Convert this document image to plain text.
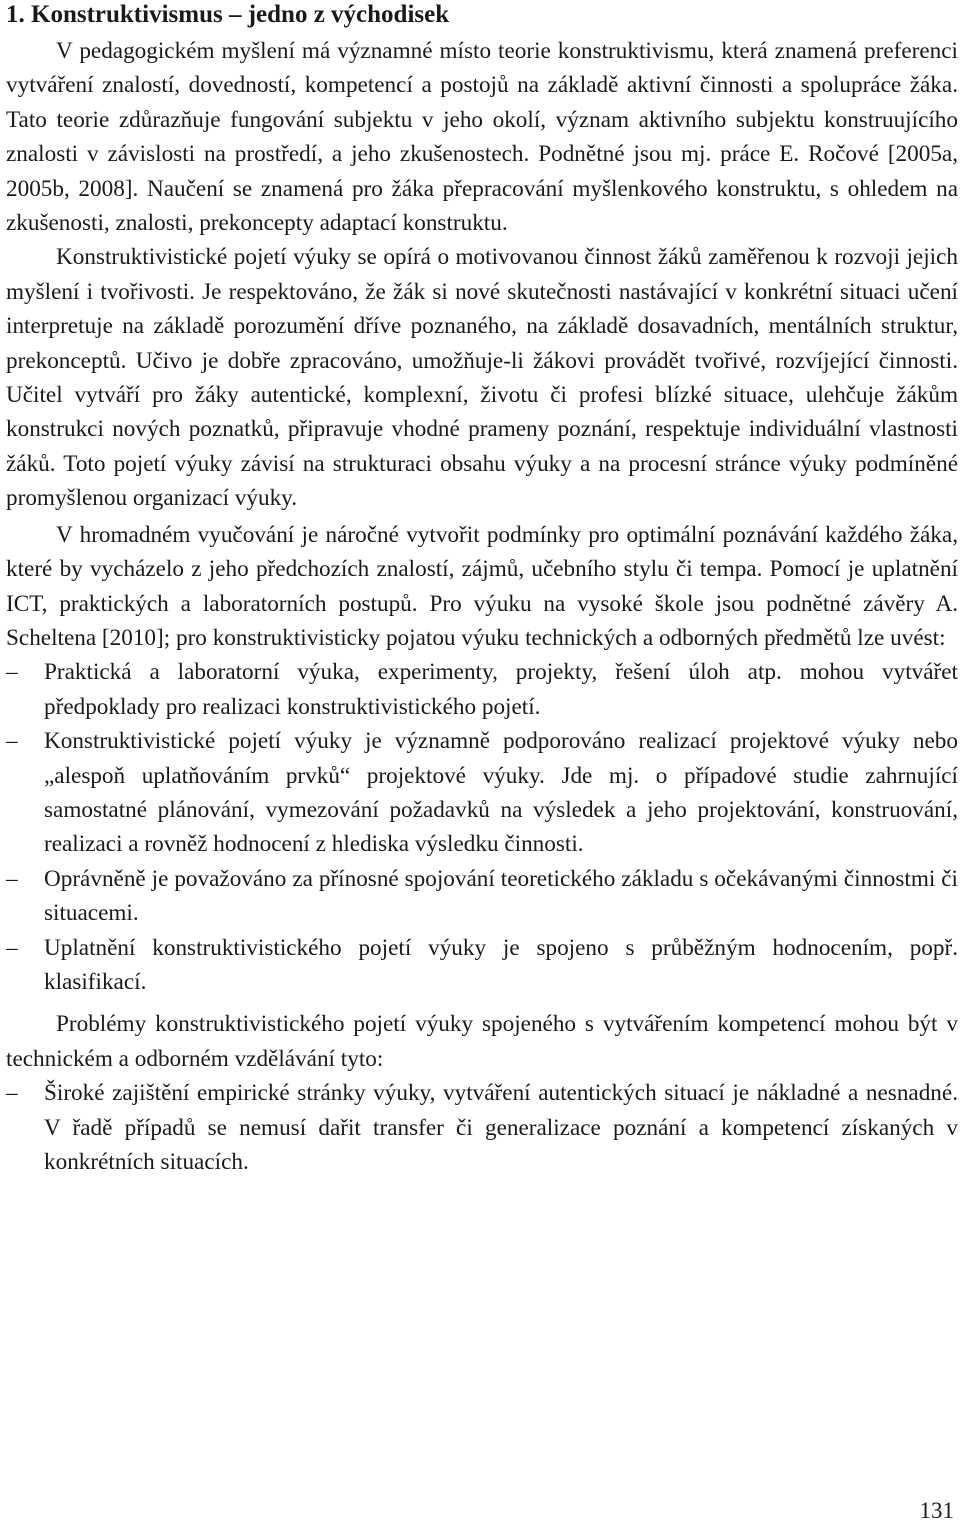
1. Konstruktivismus – jedno z východisek

V pedagogickém myšlení má významné místo teorie konstruktivismu, která znamená preferenci vytváření znalostí, dovedností, kompetencí a postojů na základě aktivní činnosti a spolupráce žáka. Tato teorie zdůrazňuje fungování subjektu v jeho okolí, význam aktivního subjektu konstruujícího znalosti v závislosti na prostředí, a jeho zkušenostech. Podnětné jsou mj. práce E. Ročové [2005a, 2005b, 2008]. Naučení se znamená pro žáka přepracování myšlenkového konstruktu, s ohledem na zkušenosti, znalosti, prekoncepty adaptací konstruktu.

Konstruktivistické pojetí výuky se opírá o motivovanou činnost žáků zaměřenou k rozvoji jejich myšlení i tvořivosti. Je respektováno, že žák si nové skutečnosti nastávající v konkrétní situaci učení interpretuje na základě porozumění dříve poznaného, na základě dosavadních, mentálních struktur, prekonceptů. Učivo je dobře zpracováno, umožňuje-li žákovi provádět tvořivé, rozvíjející činnosti. Učitel vytváří pro žáky autentické, komplexní, životu či profesi blízké situace, ulehčuje žákům konstrukci nových poznatků, připravuje vhodné prameny poznání, respektuje individuální vlastnosti žáků. Toto pojetí výuky závisí na strukturaci obsahu výuky a na procesní stránce výuky podmíněné promyšlenou organizací výuky.

V hromadném vyučování je náročné vytvořit podmínky pro optimální poznávání každého žáka, které by vycházelo z jeho předchozích znalostí, zájmů, učebního stylu či tempa. Pomocí je uplatnění ICT, praktických a laboratorních postupů. Pro výuku na vysoké škole jsou podnětné závěry A. Scheltena [2010]; pro konstruktivisticky pojatou výuku technických a odborných předmětů lze uvést:

–	Praktická a laboratorní výuka, experimenty, projekty, řešení úloh atp. mohou vytvářet předpoklady pro realizaci konstruktivistického pojetí.
–	Konstruktivistické pojetí výuky je významně podporováno realizací projektové výuky nebo „alespoň uplatňováním prvků“ projektové výuky. Jde mj. o případové studie zahrnující samostatné plánování, vymezování požadavků na výsledek a jeho projektování, konstruování, realizaci a rovněž hodnocení z hlediska výsledku činnosti.
–	Oprávněně je považováno za přínosné spojování teoretického základu s očekávanými činnostmi či situacemi.
–	Uplatnění konstruktivistického pojetí výuky je spojeno s průběžným hodnocením, popř. klasifikací.

Problémy konstruktivistického pojetí výuky spojeného s vytvářením kompetencí mohou být v technickém a odborném vzdělávání tyto:

–	Široké zajištění empirické stránky výuky, vytváření autentických situací je nákladné a nesnadné. V řadě případů se nemusí dařit transfer či generalizace poznání a kompetencí získaných v konkrétních situacích.
131
